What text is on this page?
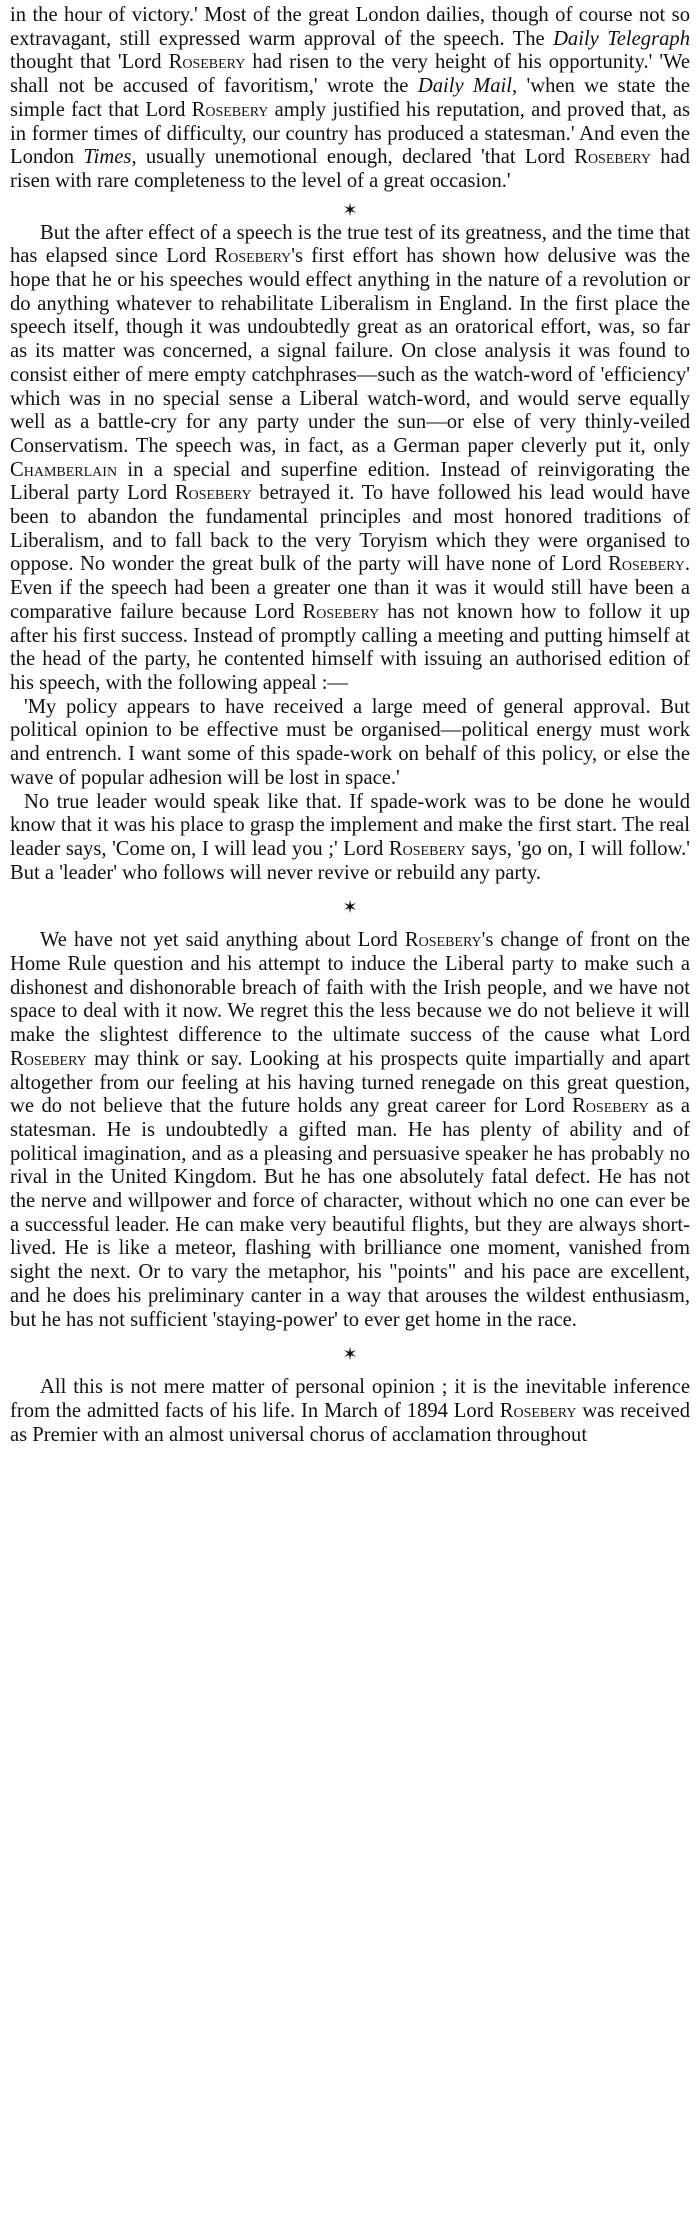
in the hour of victory.' Most of the great London dailies, though of course not so extravagant, still expressed warm approval of the speech. The Daily Telegraph thought that 'Lord Rosebery had risen to the very height of his opportunity.' 'We shall not be accused of favoritism,' wrote the Daily Mail, 'when we state the simple fact that Lord Rosebery amply justified his reputation, and proved that, as in former times of difficulty, our country has produced a statesman.' And even the London Times, usually unemotional enough, declared 'that Lord Rosebery had risen with rare completeness to the level of a great occasion.'

✶

But the after effect of a speech is the true test of its greatness, and the time that has elapsed since Lord Rosebery's first effort has shown how delusive was the hope that he or his speeches would effect anything in the nature of a revolution or do anything whatever to rehabilitate Liberalism in England. In the first place the speech itself, though it was undoubtedly great as an oratorical effort, was, so far as its matter was concerned, a signal failure. On close analysis it was found to consist either of mere empty catchphrases—such as the watch-word of 'efficiency' which was in no special sense a Liberal watch-word, and would serve equally well as a battle-cry for any party under the sun—or else of very thinly-veiled Conservatism. The speech was, in fact, as a German paper cleverly put it, only Chamberlain in a special and superfine edition. Instead of reinvigorating the Liberal party Lord Rosebery betrayed it. To have followed his lead would have been to abandon the fundamental principles and most honored traditions of Liberalism, and to fall back to the very Toryism which they were organised to oppose. No wonder the great bulk of the party will have none of Lord Rosebery. Even if the speech had been a greater one than it was it would still have been a comparative failure because Lord Rosebery has not known how to follow it up after his first success. Instead of promptly calling a meeting and putting himself at the head of the party, he contented himself with issuing an authorised edition of his speech, with the following appeal :—

'My policy appears to have received a large meed of general approval. But political opinion to be effective must be organised—political energy must work and entrench. I want some of this spade-work on behalf of this policy, or else the wave of popular adhesion will be lost in space.'

No true leader would speak like that. If spade-work was to be done he would know that it was his place to grasp the implement and make the first start. The real leader says, 'Come on, I will lead you ;' Lord Rosebery says, 'go on, I will follow.' But a 'leader' who follows will never revive or rebuild any party.

✶

We have not yet said anything about Lord Rosebery's change of front on the Home Rule question and his attempt to induce the Liberal party to make such a dishonest and dishonorable breach of faith with the Irish people, and we have not space to deal with it now. We regret this the less because we do not believe it will make the slightest difference to the ultimate success of the cause what Lord Rosebery may think or say. Looking at his prospects quite impartially and apart altogether from our feeling at his having turned renegade on this great question, we do not believe that the future holds any great career for Lord Rosebery as a statesman. He is undoubtedly a gifted man. He has plenty of ability and of political imagination, and as a pleasing and persuasive speaker he has probably no rival in the United Kingdom. But he has one absolutely fatal defect. He has not the nerve and willpower and force of character, without which no one can ever be a successful leader. He can make very beautiful flights, but they are always short-lived. He is like a meteor, flashing with brilliance one moment, vanished from sight the next. Or to vary the metaphor, his "points" and his pace are excellent, and he does his preliminary canter in a way that arouses the wildest enthusiasm, but he has not sufficient 'staying-power' to ever get home in the race.

✶

All this is not mere matter of personal opinion ; it is the inevitable inference from the admitted facts of his life. In March of 1894 Lord Rosebery was received as Premier with an almost universal chorus of acclamation throughout
